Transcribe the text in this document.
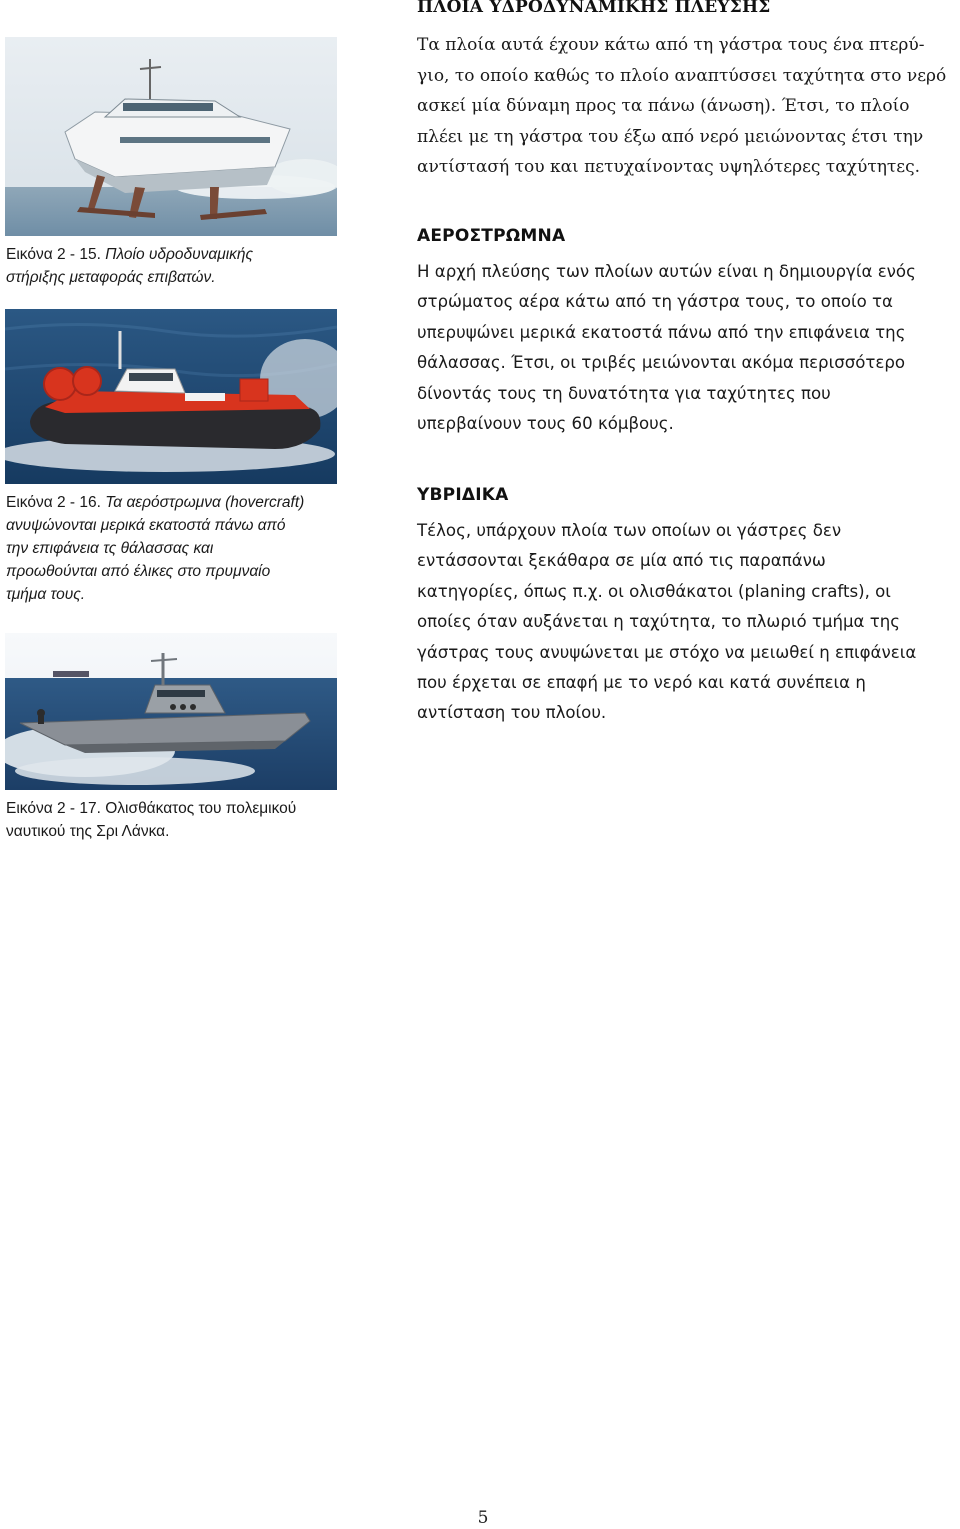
Εικόνα 2 - 15. Πλοίο υδροδυναμικής
στήριξης μεταφοράς επιβατών.
Εικόνα 2 - 16. Τα αερόστρωμνα (hovercraft)
ανυψώνονται μερικά εκατοστά πάνω από
την επιφάνεια τς θάλασσας και
προωθούνται από έλικες στο πρυμναίο
τμήμα τους.
Εικόνα 2 - 17. Ολισθάκατος του πολεμικού
ναυτικού της Σρι Λάνκα.
ΠΛΟΙΑ ΥΔΡΟΔΥΝΑΜΙΚΗΣ ΠΛΕΥΣΗΣ

Τα πλοία αυτά έχουν κάτω από τη γάστρα τους ένα πτερύ-

γιο, το οποίο καθώς το πλοίο αναπτύσσει ταχύτητα στο νερό

ασκεί μία δύναμη προς τα πάνω (άνωση). Έτσι, το πλοίο

πλέει με τη γάστρα του έξω από νερό μειώνοντας έτσι την

αντίστασή του και πετυχαίνοντας υψηλότερες ταχύτητες.

ΑΕΡΟΣΤΡΩΜΝΑ

Η αρχή πλεύσης των πλοίων αυτών είναι η δημιουργία ενός

στρώματος αέρα κάτω από τη γάστρα τους, το οποίο τα

υπερυψώνει μερικά εκατοστά πάνω από την επιφάνεια της

θάλασσας. Έτσι, οι τριβές μειώνονται ακόμα περισσότερο

δίνοντάς τους τη δυνατότητα για ταχύτητες που

υπερβαίνουν τους 60 κόμβους.

ΥΒΡΙΔΙΚΑ

Τέλος, υπάρχουν πλοία των οποίων οι γάστρες δεν

εντάσσονται ξεκάθαρα σε μία από τις παραπάνω

κατηγορίες, όπως π.χ. οι ολισθάκατοι (planing crafts), οι

οποίες όταν αυξάνεται η ταχύτητα, το πλωριό τμήμα της

γάστρας τους ανυψώνεται με στόχο να μειωθεί η επιφάνεια

που έρχεται σε επαφή με το νερό και κατά συνέπεια η

αντίσταση του πλοίου.

5
